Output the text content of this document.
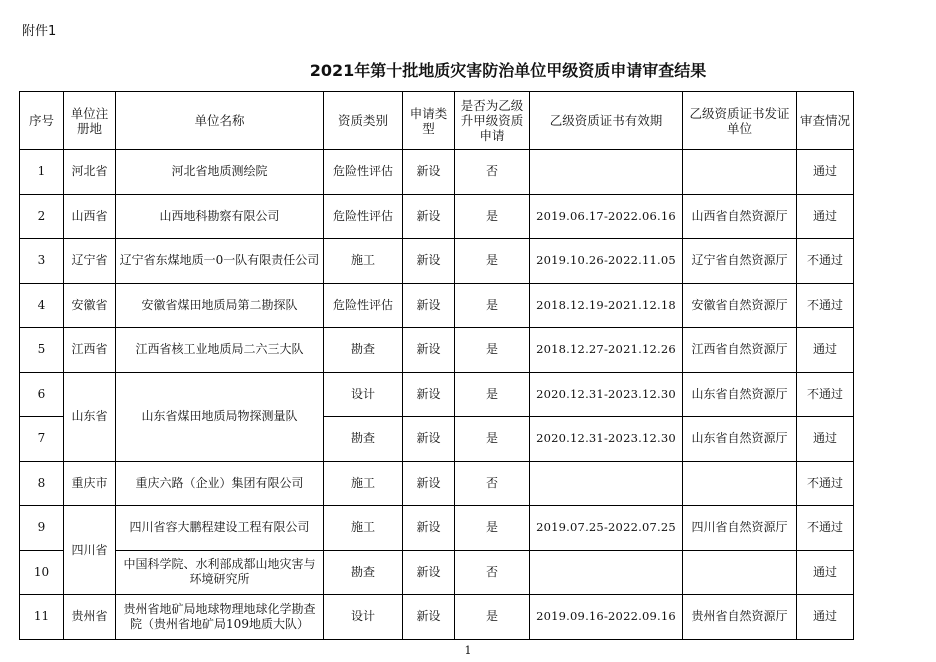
附件1
2021年第十批地质灾害防治单位甲级资质申请审查结果
序号	单位注册地	单位名称	资质类别	申请类型	是否为乙级升甲级资质申请	乙级资质证书有效期	乙级资质证书发证单位	审查情况
1	河北省	河北省地质测绘院	危险性评估	新设	否			通过
2	山西省	山西地科勘察有限公司	危险性评估	新设	是	2019.06.17-2022.06.16	山西省自然资源厅	通过
3	辽宁省	辽宁省东煤地质一0一队有限责任公司	施工	新设	是	2019.10.26-2022.11.05	辽宁省自然资源厅	不通过
4	安徽省	安徽省煤田地质局第二勘探队	危险性评估	新设	是	2018.12.19-2021.12.18	安徽省自然资源厅	不通过
5	江西省	江西省核工业地质局二六三大队	勘查	新设	是	2018.12.27-2021.12.26	江西省自然资源厅	通过
6	山东省	山东省煤田地质局物探测量队	设计	新设	是	2020.12.31-2023.12.30	山东省自然资源厅	不通过
7			勘查	新设	是	2020.12.31-2023.12.30	山东省自然资源厅	通过
8	重庆市	重庆六路（企业）集团有限公司	施工	新设	否			不通过
9	四川省	四川省容大鹏程建设工程有限公司	施工	新设	是	2019.07.25-2022.07.25	四川省自然资源厅	不通过
10		中国科学院、水利部成都山地灾害与环境研究所	勘查	新设	否			通过
11	贵州省	贵州省地矿局地球物理地球化学勘查院（贵州省地矿局109地质大队）	设计	新设	是	2019.09.16-2022.09.16	贵州省自然资源厅	通过
1
